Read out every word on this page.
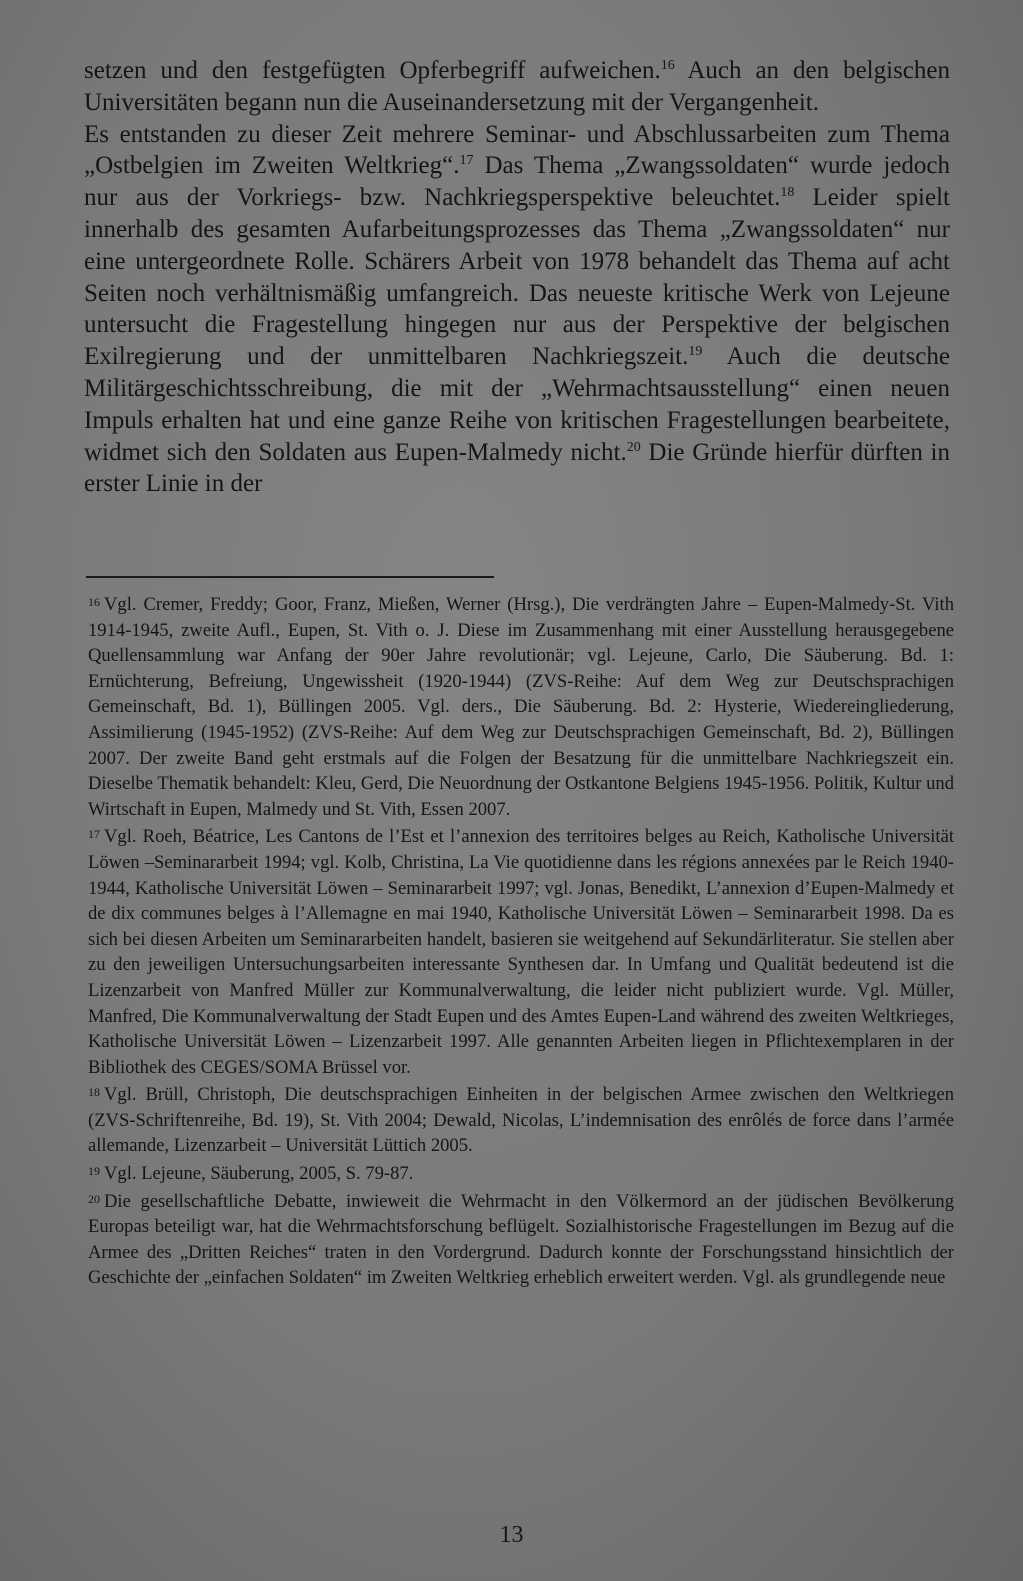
setzen und den festgefügten Opferbegriff aufweichen.$^{16}$ Auch an den belgischen Universitäten begann nun die Auseinandersetzung mit der Vergangenheit.

Es entstanden zu dieser Zeit mehrere Seminar- und Abschlussarbeiten zum Thema „Ostbelgien im Zweiten Weltkrieg“.$^{17}$ Das Thema „Zwangssoldaten“ wurde jedoch nur aus der Vorkriegs- bzw. Nachkriegsperspektive beleuchtet.$^{18}$ Leider spielt innerhalb des gesamten Aufarbeitungsprozesses das Thema „Zwangssoldaten“ nur eine untergeordnete Rolle. Schärers Arbeit von 1978 behandelt das Thema auf acht Seiten noch verhältnismäßig umfangreich. Das neueste kritische Werk von Lejeune untersucht die Fragestellung hingegen nur aus der Perspektive der belgischen Exilregierung und der unmittelbaren Nachkriegszeit.$^{19}$ Auch die deutsche Militärgeschichtsschreibung, die mit der „Wehrmachtsausstellung“ einen neuen Impuls erhalten hat und eine ganze Reihe von kritischen Fragestellungen bearbeitete, widmet sich den Soldaten aus Eupen-Malmedy nicht.$^{20}$ Die Gründe hierfür dürften in erster Linie in der

$^{16}$ Vgl. Cremer, Freddy; Goor, Franz, Mießen, Werner (Hrsg.), Die verdrängten Jahre – Eupen-Malmedy-St. Vith 1914-1945, zweite Aufl., Eupen, St. Vith o. J. Diese im Zusammenhang mit einer Ausstellung herausgegebene Quellensammlung war Anfang der 90er Jahre revolutionär; vgl. Lejeune, Carlo, Die Säuberung. Bd. 1: Ernüchterung, Befreiung, Ungewissheit (1920-1944) (ZVS-Reihe: Auf dem Weg zur Deutschsprachigen Gemeinschaft, Bd. 1), Büllingen 2005. Vgl. ders., Die Säuberung. Bd. 2: Hysterie, Wiedereingliederung, Assimilierung (1945-1952) (ZVS-Reihe: Auf dem Weg zur Deutschsprachigen Gemeinschaft, Bd. 2), Büllingen 2007. Der zweite Band geht erstmals auf die Folgen der Besatzung für die unmittelbare Nachkriegszeit ein. Dieselbe Thematik behandelt: Kleu, Gerd, Die Neuordnung der Ostkantone Belgiens 1945-1956. Politik, Kultur und Wirtschaft in Eupen, Malmedy und St. Vith, Essen 2007.

$^{17}$ Vgl. Roeh, Béatrice, Les Cantons de l’Est et l’annexion des territoires belges au Reich, Katholische Universität Löwen –Seminararbeit 1994; vgl. Kolb, Christina, La Vie quotidienne dans les régions annexées par le Reich 1940-1944, Katholische Universität Löwen – Seminararbeit 1997; vgl. Jonas, Benedikt, L’annexion d’Eupen-Malmedy et de dix communes belges à l’Allemagne en mai 1940, Katholische Universität Löwen – Seminararbeit 1998. Da es sich bei diesen Arbeiten um Seminararbeiten handelt, basieren sie weitgehend auf Sekundärliteratur. Sie stellen aber zu den jeweiligen Untersuchungsarbeiten interessante Synthesen dar. In Umfang und Qualität bedeutend ist die Lizenzarbeit von Manfred Müller zur Kommunalverwaltung, die leider nicht publiziert wurde. Vgl. Müller, Manfred, Die Kommunalverwaltung der Stadt Eupen und des Amtes Eupen-Land während des zweiten Weltkrieges, Katholische Universität Löwen – Lizenzarbeit 1997. Alle genannten Arbeiten liegen in Pflichtexemplaren in der Bibliothek des CEGES/SOMA Brüssel vor.

$^{18}$ Vgl. Brüll, Christoph, Die deutschsprachigen Einheiten in der belgischen Armee zwischen den Weltkriegen (ZVS-Schriftenreihe, Bd. 19), St. Vith 2004; Dewald, Nicolas, L’indemnisation des enrôlés de force dans l’armée allemande, Lizenzarbeit – Universität Lüttich 2005.

$^{19}$ Vgl. Lejeune, Säuberung, 2005, S. 79-87.

$^{20}$ Die gesellschaftliche Debatte, inwieweit die Wehrmacht in den Völkermord an der jüdischen Bevölkerung Europas beteiligt war, hat die Wehrmachtsforschung beflügelt. Sozialhistorische Fragestellungen im Bezug auf die Armee des „Dritten Reiches“ traten in den Vordergrund. Dadurch konnte der Forschungsstand hinsichtlich der Geschichte der „einfachen Soldaten“ im Zweiten Weltkrieg erheblich erweitert werden. Vgl. als grundlegende neue

13
